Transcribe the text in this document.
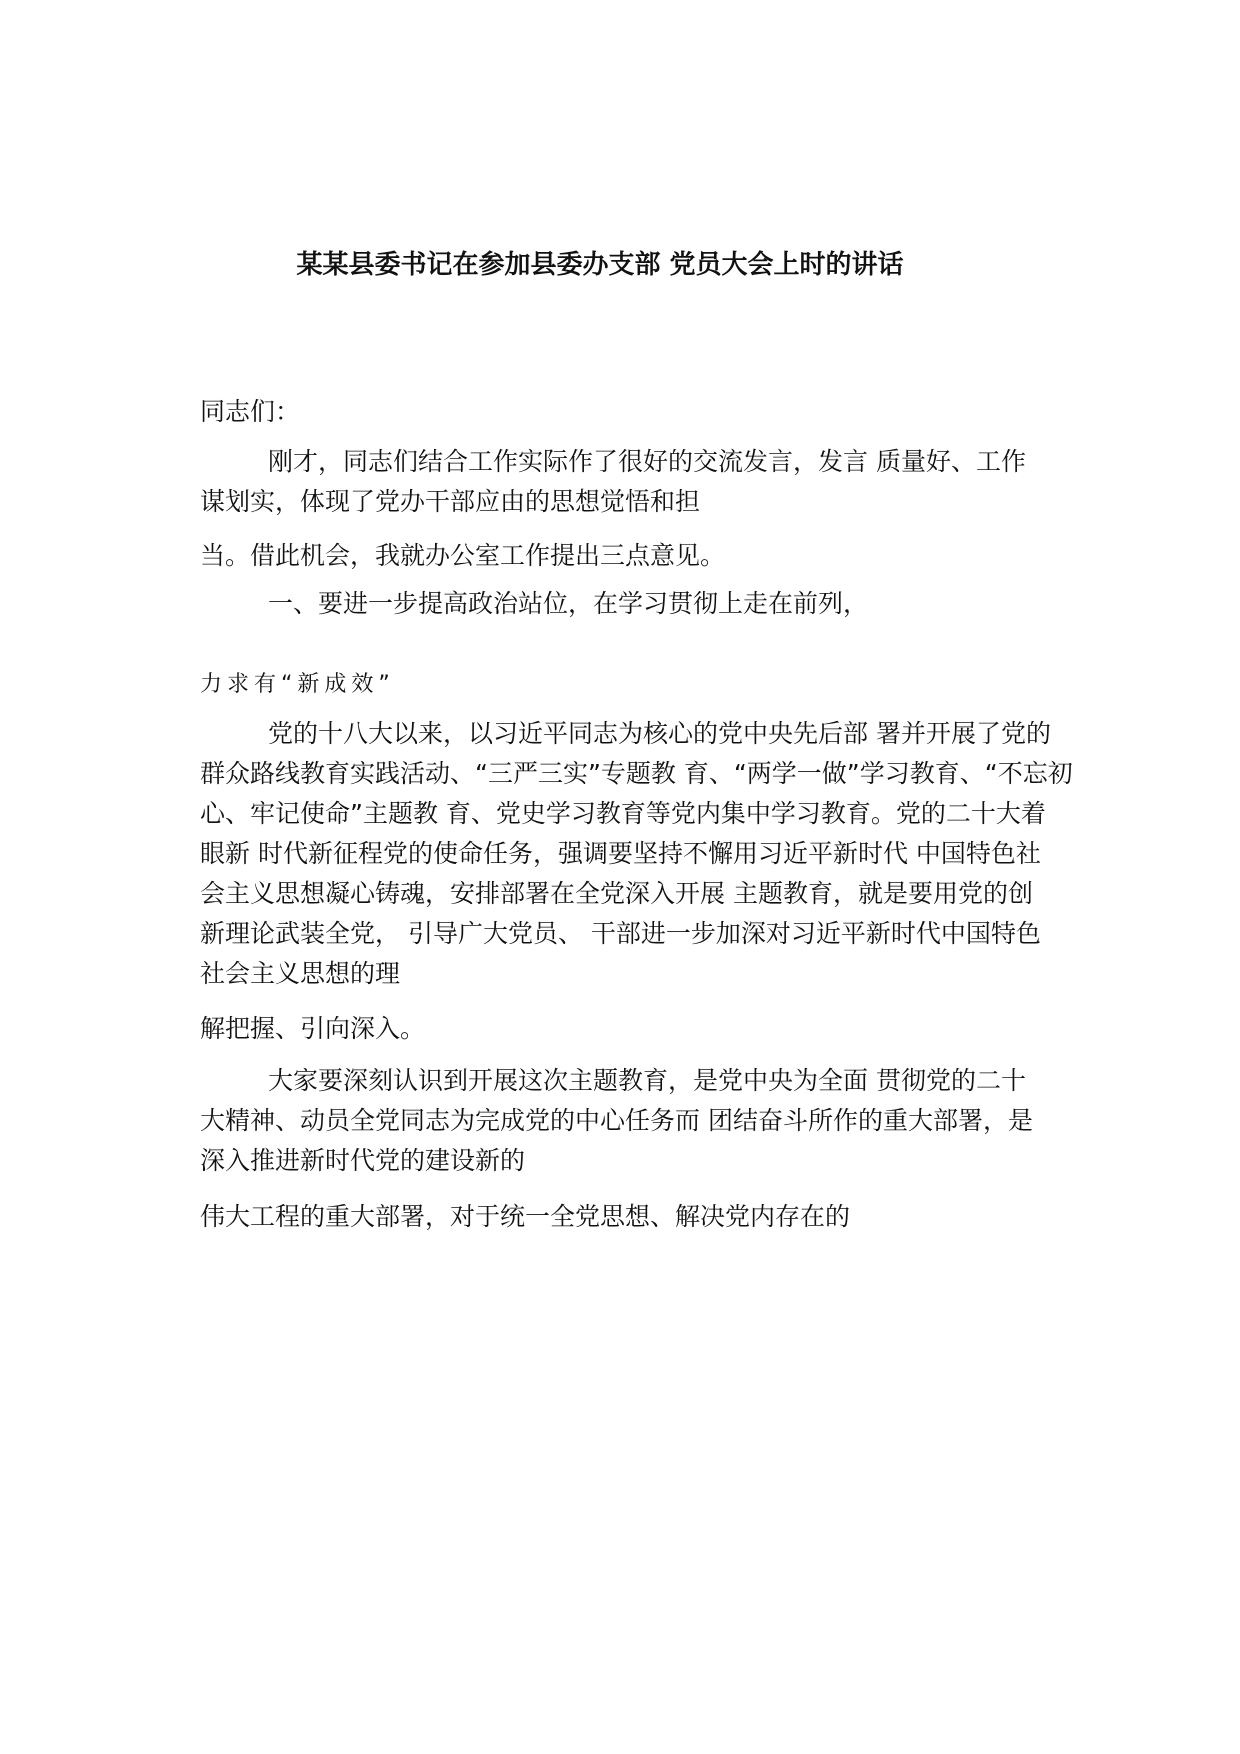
某某县委书记在参加县委办支部 党员大会上时的讲话
同志们：
刚才，同志们结合工作实际作了很好的交流发言，发言 质量好、工作
谋划实，体现了党办干部应由的思想觉悟和担
当。借此机会，我就办公室工作提出三点意见。
一、要进一步提高政治站位，在学习贯彻上走在前列，
力求有“新成效”
党的十八大以来，以习近平同志为核心的党中央先后部 署并开展了党的
群众路线教育实践活动、“三严三实”专题教 育、“两学一做”学习教育、“不忘初
心、牢记使命”主题教 育、党史学习教育等党内集中学习教育。党的二十大着
眼新 时代新征程党的使命任务，强调要坚持不懈用习近平新时代 中国特色社
会主义思想凝心铸魂，安排部署在全党深入开展 主题教育，就是要用党的创
新理论武装全党， 引导广大党员、 干部进一步加深对习近平新时代中国特色
社会主义思想的理
解把握、引向深入。
大家要深刻认识到开展这次主题教育，是党中央为全面 贯彻党的二十
大精神、动员全党同志为完成党的中心任务而 团结奋斗所作的重大部署，是
深入推进新时代党的建设新的
伟大工程的重大部署，对于统一全党思想、解决党内存在的
